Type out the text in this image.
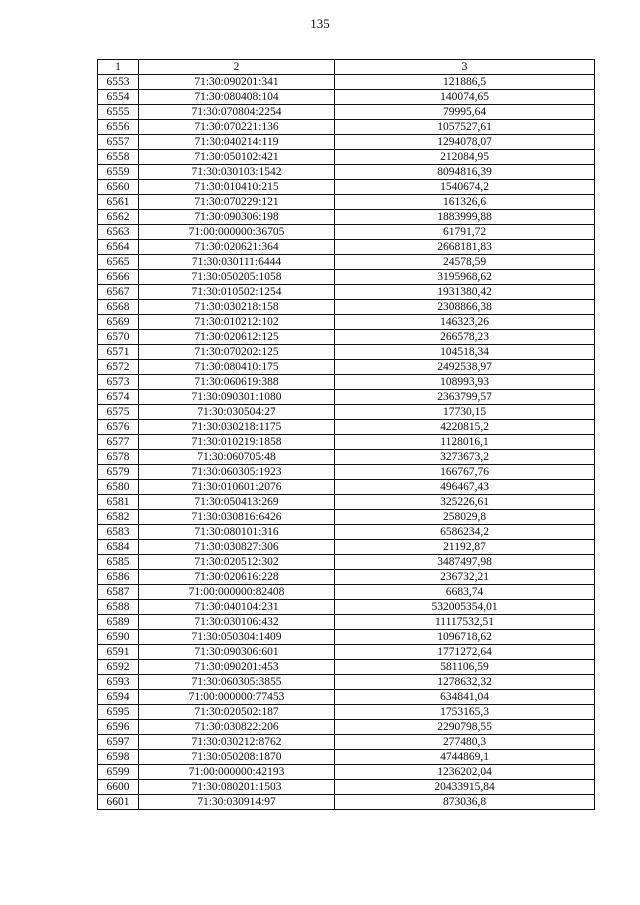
135
1	2	3
6553	71:30:090201:341	121886,5
6554	71:30:080408:104	140074,65
6555	71:30:070804:2254	79995,64
6556	71:30:070221:136	1057527,61
6557	71:30:040214:119	1294078,07
6558	71:30:050102:421	212084,95
6559	71:30:030103:1542	8094816,39
6560	71:30:010410:215	1540674,2
6561	71:30:070229:121	161326,6
6562	71:30:090306:198	1883999,88
6563	71:00:000000:36705	61791,72
6564	71:30:020621:364	2668181,83
6565	71:30:030111:6444	24578,59
6566	71:30:050205:1058	3195968,62
6567	71:30:010502:1254	1931380,42
6568	71:30:030218:158	2308866,38
6569	71:30:010212:102	146323,26
6570	71:30:020612:125	266578,23
6571	71:30:070202:125	104518,34
6572	71:30:080410:175	2492538,97
6573	71:30:060619:388	108993,93
6574	71:30:090301:1080	2363799,57
6575	71:30:030504:27	17730,15
6576	71:30:030218:1175	4220815,2
6577	71:30:010219:1858	1128016,1
6578	71:30:060705:48	3273673,2
6579	71:30:060305:1923	166767,76
6580	71:30:010601:2076	496467,43
6581	71:30:050413:269	325226,61
6582	71:30:030816:6426	258029,8
6583	71:30:080101:316	6586234,2
6584	71:30:030827:306	21192,87
6585	71:30:020512:302	3487497,98
6586	71:30:020616:228	236732,21
6587	71:00:000000:82408	6683,74
6588	71:30:040104:231	532005354,01
6589	71:30:030106:432	11117532,51
6590	71:30:050304:1409	1096718,62
6591	71:30:090306:601	1771272,64
6592	71:30:090201:453	581106,59
6593	71:30:060305:3855	1278632,32
6594	71:00:000000:77453	634841,04
6595	71:30:020502:187	1753165,3
6596	71:30:030822:206	2290798,55
6597	71:30:030212:8762	277480,3
6598	71:30:050208:1870	4744869,1
6599	71:00:000000:42193	1236202,04
6600	71:30:080201:1503	20433915,84
6601	71:30:030914:97	873036,8
